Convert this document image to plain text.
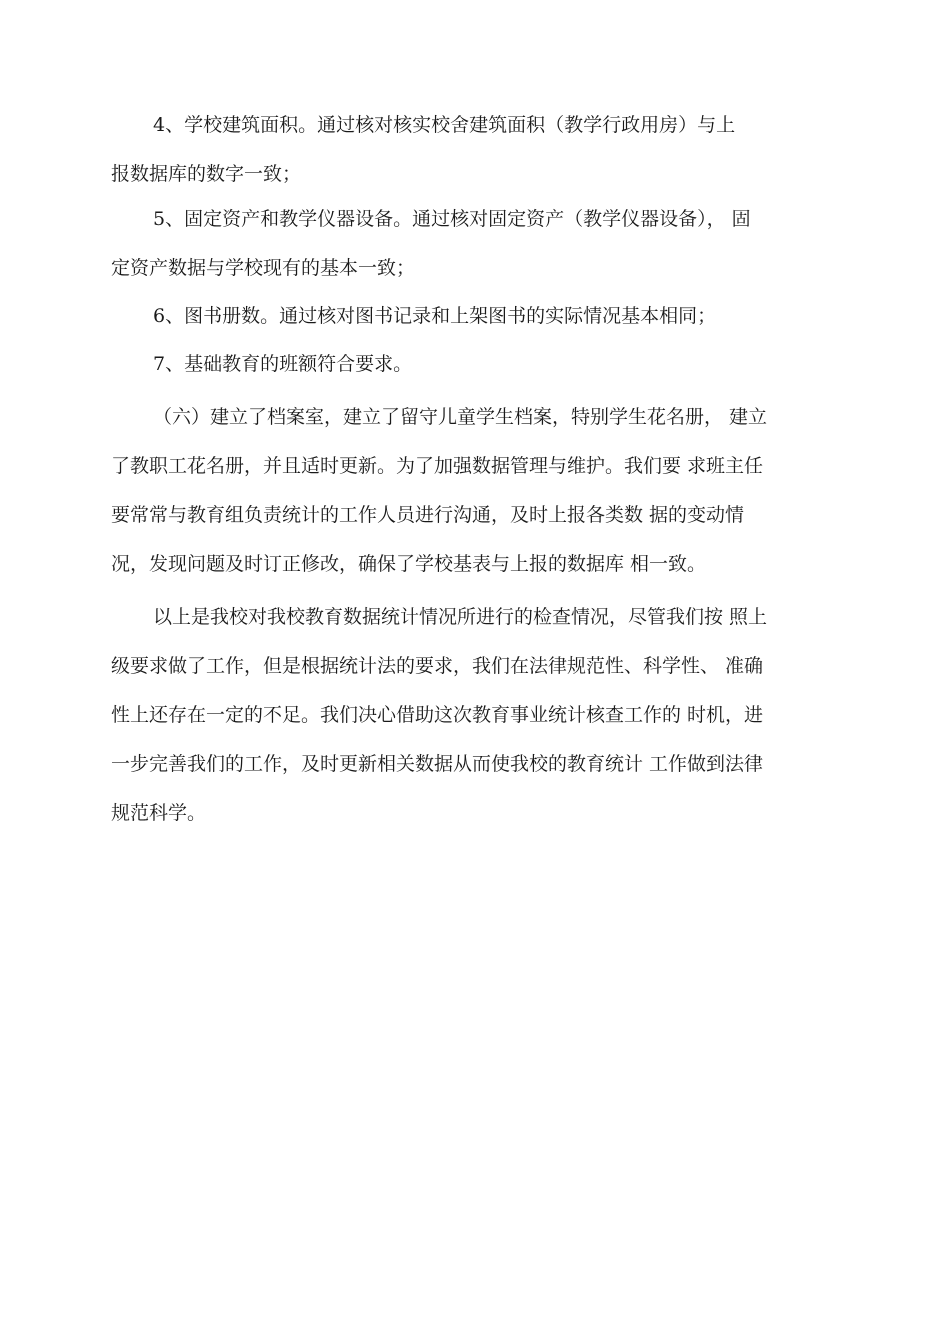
4、学校建筑面积。通过核对核实校舍建筑面积（教学行政用房）与上
报数据库的数字一致；
5、固定资产和教学仪器设备。通过核对固定资产（教学仪器设备）， 固
定资产数据与学校现有的基本一致；
6、图书册数。通过核对图书记录和上架图书的实际情况基本相同；
7、基础教育的班额符合要求。
（六）建立了档案室，建立了留守儿童学生档案，特别学生花名册， 建立
了教职工花名册，并且适时更新。为了加强数据管理与维护。我们要 求班主任
要常常与教育组负责统计的工作人员进行沟通，及时上报各类数 据的变动情
况，发现问题及时订正修改，确保了学校基表与上报的数据库 相一致。
以上是我校对我校教育数据统计情况所进行的检查情况，尽管我们按 照上
级要求做了工作，但是根据统计法的要求，我们在法律规范性、科学性、 准确
性上还存在一定的不足。我们决心借助这次教育事业统计核查工作的 时机，进
一步完善我们的工作，及时更新相关数据从而使我校的教育统计 工作做到法律
规范科学。
